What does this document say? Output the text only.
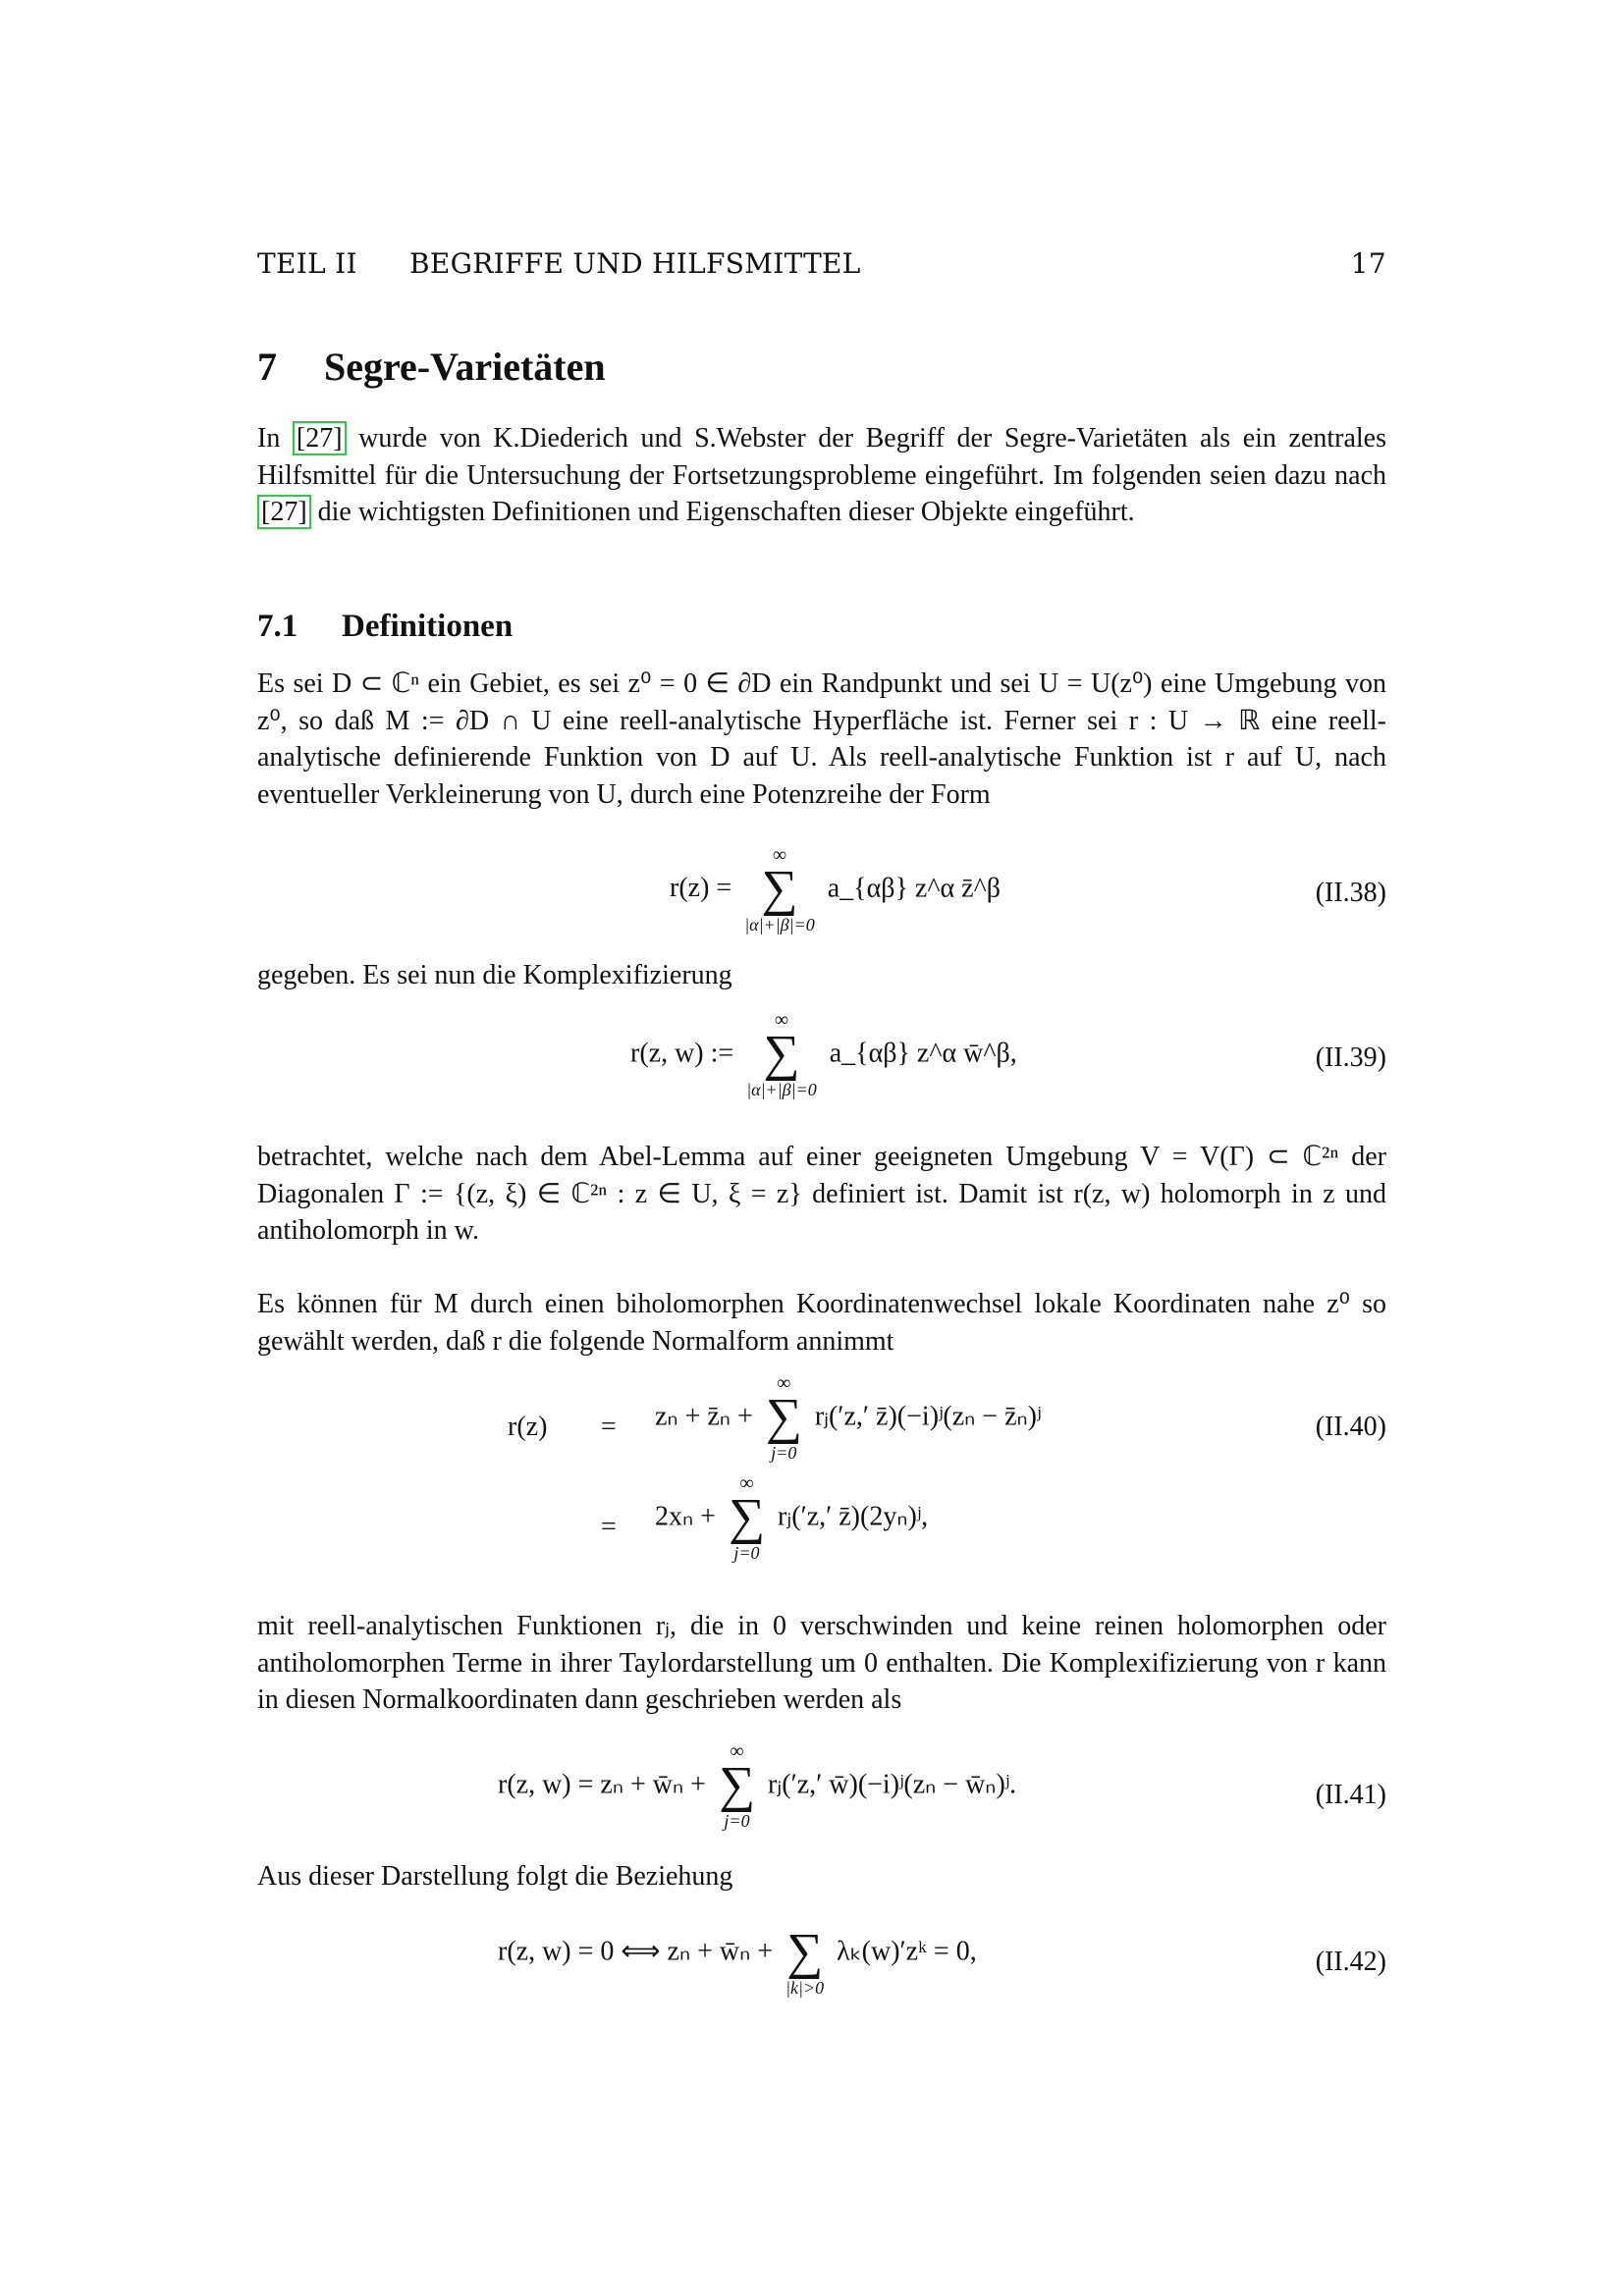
TEIL II BEGRIFFE UND HILFSMITTEL	17
7 Segre-Varietäten
In [27] wurde von K.Diederich und S.Webster der Begriff der Segre-Varietäten als ein zentrales Hilfsmittel für die Untersuchung der Fortsetzungsprobleme eingeführt. Im folgenden seien dazu nach [27] die wichtigsten Definitionen und Eigenschaften dieser Objekte eingeführt.
7.1 Definitionen
Es sei D ⊂ ℂⁿ ein Gebiet, es sei z⁰ = 0 ∈ ∂D ein Randpunkt und sei U = U(z⁰) eine Umgebung von z⁰, so daß M := ∂D ∩ U eine reell-analytische Hyperfläche ist. Ferner sei r : U → ℝ eine reell-analytische definierende Funktion von D auf U. Als reell-analytische Funktion ist r auf U, nach eventueller Verkleinerung von U, durch eine Potenzreihe der Form
r(z) =
∞
∑
|α|+|β|=0
a_{αβ} z^α z̄^β	(II.38)
gegeben. Es sei nun die Komplexifizierung
r(z, w) :=
∞
∑
|α|+|β|=0
a_{αβ} z^α w̄^β,	(II.39)
betrachtet, welche nach dem Abel-Lemma auf einer geeigneten Umgebung V = V(Γ) ⊂ ℂ²ⁿ der Diagonalen Γ := {(z, ξ) ∈ ℂ²ⁿ : z ∈ U, ξ = z} definiert ist. Damit ist r(z, w) holomorph in z und antiholomorph in w.
Es können für M durch einen biholomorphen Koordinatenwechsel lokale Koordinaten nahe z⁰ so gewählt werden, daß r die folgende Normalform annimmt
r(z) = zₙ + z̄ₙ +
∞
∑
j=0
rⱼ(′z,′ z̄)(−i)ʲ(zₙ − z̄ₙ)ʲ
= 2xₙ +
∞
∑
j=0
rⱼ(′z,′ z̄)(2yₙ)ʲ,
(II.40)
mit reell-analytischen Funktionen rⱼ, die in 0 verschwinden und keine reinen holomorphen oder antiholomorphen Terme in ihrer Taylordarstellung um 0 enthalten. Die Komplexifizierung von r kann in diesen Normalkoordinaten dann geschrieben werden als
r(z, w) = zₙ + w̄ₙ +
∞
∑
j=0
rⱼ(′z,′ w̄)(−i)ʲ(zₙ − w̄ₙ)ʲ.	(II.41)
Aus dieser Darstellung folgt die Beziehung
r(z, w) = 0 ⟺ zₙ + w̄ₙ +
∑
|k|>0
λₖ(w)′zᵏ = 0,	(II.42)
